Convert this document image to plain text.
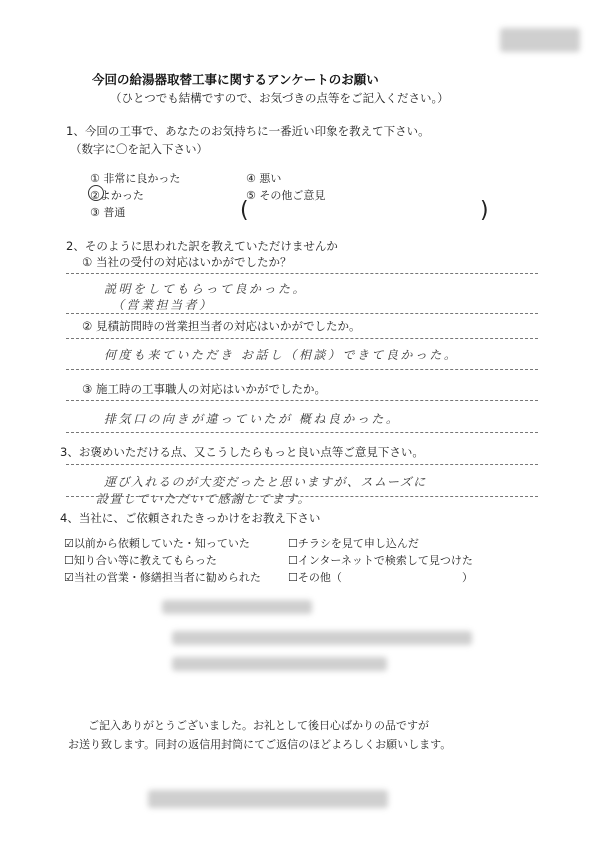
今回の給湯器取替工事に関するアンケートのお願い
（ひとつでも結構ですので、お気づきの点等をご記入ください。）
1、今回の工事で、あなたのお気持ちに一番近い印象を教えて下さい。
（数字に〇を記入下さい）
① 非常に良かった
②よかった
③ 普通
④ 悪い
⑤ その他ご意見
(	)
2、そのように思われた訳を教えていただけませんか
① 当社の受付の対応はいかがでしたか？
説明をしてもらって良かった。
（営業担当者）
② 見積訪問時の営業担当者の対応はいかがでしたか。
何度も来ていただき お話し（相談）できて良かった。
③ 施工時の工事職人の対応はいかがでしたか。
排気口の向きが違っていたが 概ね良かった。
3、お褒めいただける点、又こうしたらもっと良い点等ご意見下さい。
運び入れるのが大変だったと思いますが、スムーズに
設置していただいて感謝してます。
4、当社に、ご依頼されたきっかけをお教え下さい
☑以前から依頼していた・知っていた
☐知り合い等に教えてもらった
☑当社の営業・修繕担当者に勧められた
☐チラシを見て申し込んだ
☐インターネットで検索して見つけた
☐その他（	）
ご記入ありがとうございました。お礼として後日心ばかりの品ですが
お送り致します。同封の返信用封筒にてご返信のほどよろしくお願いします。
